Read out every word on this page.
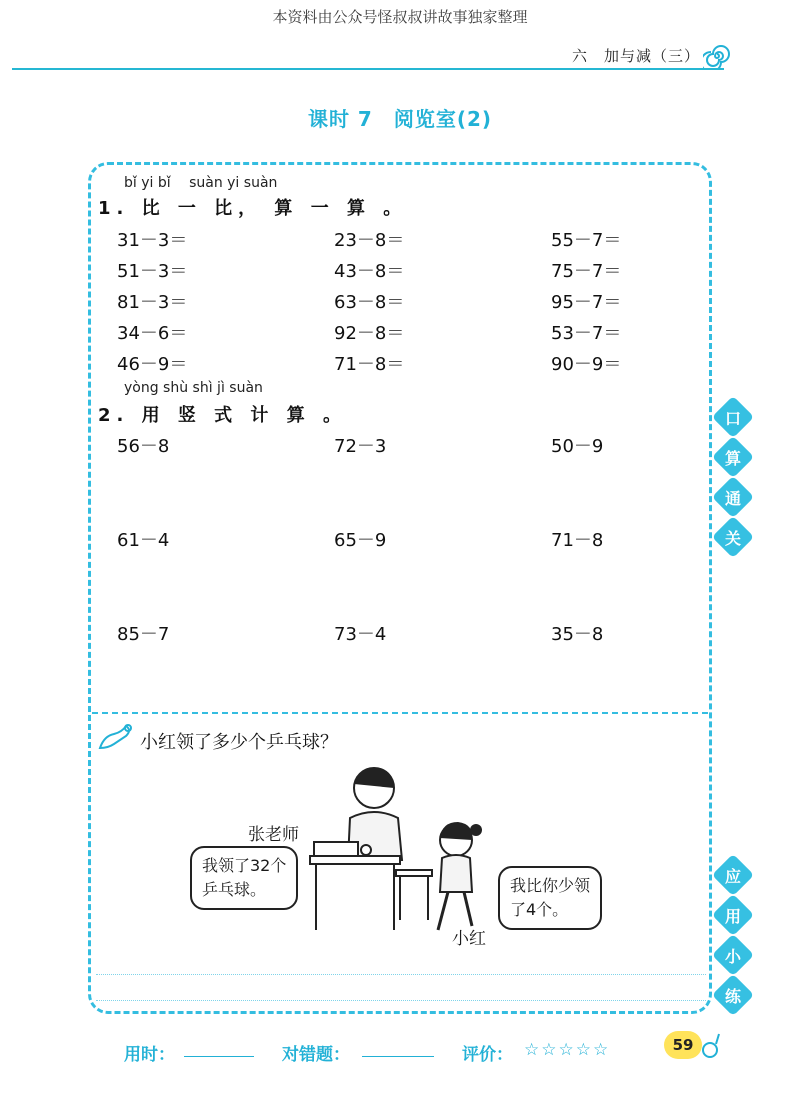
本资料由公众号怪叔叔讲故事独家整理
六　加与减（三）
课时 7　阅览室(2)
bǐ yi bǐ　 suàn yi suàn
1. 比 一 比， 算 一 算 。
31－3＝	23－8＝	55－7＝
51－3＝	43－8＝	75－7＝
81－3＝	63－8＝	95－7＝
34－6＝	92－8＝	53－7＝
46－9＝	71－8＝	90－9＝
yòng shù shì jì suàn
2. 用 竖 式 计 算 。
56－8	72－3	50－9
61－4	65－9	71－8
85－7	73－4	35－8
口
算
通
关
应
用
小
练
小红领了多少个乒乓球？
张老师
我领了32个
乒乓球。	我比你少领
了4个。
小红
用时：	对错题：	评价： ☆☆☆☆☆	59
